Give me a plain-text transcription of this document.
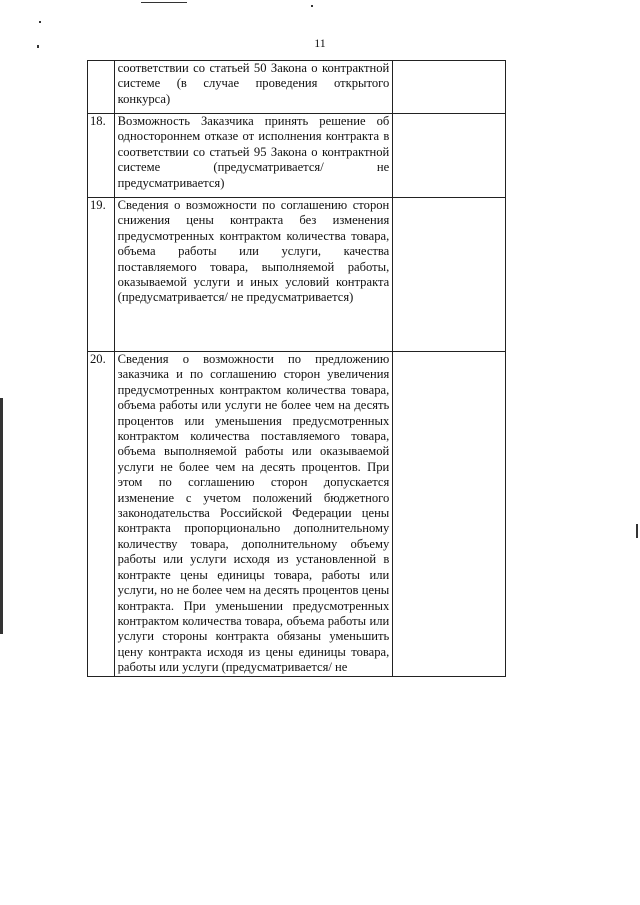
11

	соответствии со статьей 50 Закона о контрактной системе (в случае проведения открытого конкурса)	

18.	Возможность Заказчика принять решение об одностороннем отказе от исполнения контракта в соответствии со статьей 95 Закона о контрактной системе (предусматривается/ не предусматривается)	

19.	Сведения о возможности по соглашению сторон снижения цены контракта без изменения предусмотренных контрактом количества товара, объема работы или услуги, качества поставляемого товара, выполняемой работы, оказываемой услуги и иных условий контракта (предусматривается/ не предусматривается)	

20.	Сведения о возможности по предложению заказчика и по соглашению сторон увеличения предусмотренных контрактом количества товара, объема работы или услуги не более чем на десять процентов или уменьшения предусмотренных контрактом количества поставляемого товара, объема выполняемой работы или оказываемой услуги не более чем на десять процентов. При этом по соглашению сторон допускается изменение с учетом положений бюджетного законодательства Российской Федерации цены контракта пропорционально дополнительному количеству товара, дополнительному объему работы или услуги исходя из установленной в контракте цены единицы товара, работы или услуги, но не более чем на десять процентов цены контракта. При уменьшении предусмотренных контрактом количества товара, объема работы или услуги стороны контракта обязаны уменьшить цену контракта исходя из цены единицы товара, работы или услуги (предусматривается/ не	
